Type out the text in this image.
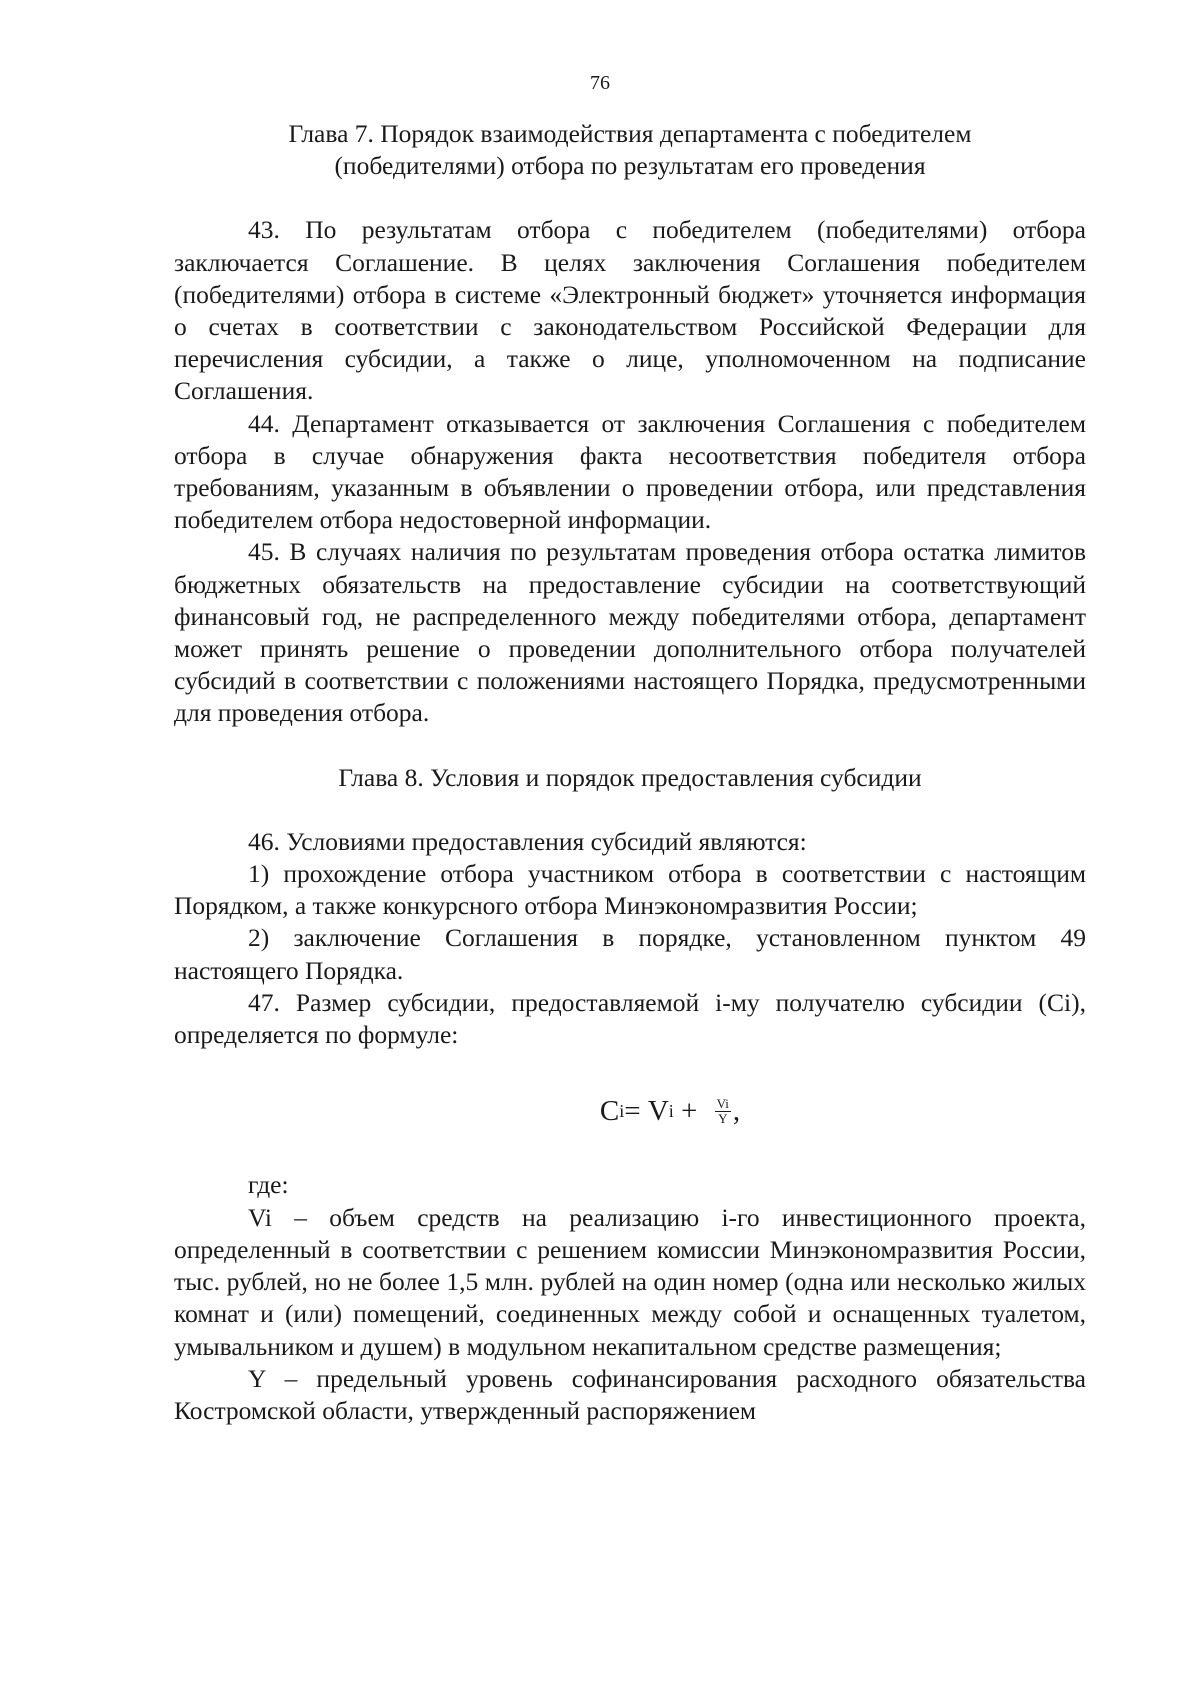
76
Глава 7. Порядок взаимодействия департамента с победителем
(победителями) отбора по результатам его проведения

43. По результатам отбора с победителем (победителями) отбора заключается Соглашение. В целях заключения Соглашения победителем (победителями) отбора в системе «Электронный бюджет» уточняется информация о счетах в соответствии с законодательством Российской Федерации для перечисления субсидии, а также о лице, уполномоченном на подписание Соглашения.

44. Департамент отказывается от заключения Соглашения с победителем отбора в случае обнаружения факта несоответствия победителя отбора требованиям, указанным в объявлении о проведении отбора, или представления победителем отбора недостоверной информации.

45. В случаях наличия по результатам проведения отбора остатка лимитов бюджетных обязательств на предоставление субсидии на соответствующий финансовый год, не распределенного между победителями отбора, департамент может принять решение о проведении дополнительного отбора получателей субсидий в соответствии с положениями настоящего Порядка, предусмотренными для проведения отбора.

Глава 8. Условия и порядок предоставления субсидии

46. Условиями предоставления субсидий являются:

1) прохождение отбора участником отбора в соответствии с настоящим Порядком, а также конкурсного отбора Минэкономразвития России;

2) заключение Соглашения в порядке, установленном пунктом 49 настоящего Порядка.

47. Размер субсидии, предоставляемой i-му получателю субсидии (Сi), определяется по формуле:

С i =
V $i + \frac{Vi}{Y}$ ,

где:

Vi – объем средств на реализацию i-го инвестиционного проекта, определенный в соответствии с решением комиссии Минэкономразвития России, тыс. рублей, но не более 1,5 млн. рублей на один номер (одна или несколько жилых комнат и (или) помещений, соединенных между собой и оснащенных туалетом, умывальником и душем) в модульном некапитальном средстве размещения;

Y – предельный уровень софинансирования расходного обязательства Костромской области, утвержденный распоряжением
